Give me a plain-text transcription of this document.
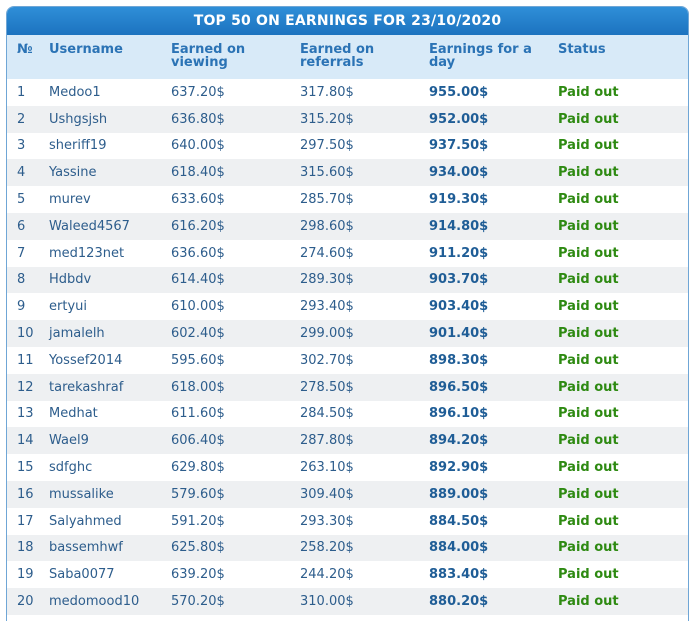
TOP 50 ON EARNINGS FOR 23/10/2020
№	Username	Earned on viewing	Earned on referrals	Earnings for a day	Status
1	Medoo1	637.20$	317.80$	955.00$	Paid out
2	Ushgsjsh	636.80$	315.20$	952.00$	Paid out
3	sheriff19	640.00$	297.50$	937.50$	Paid out
4	Yassine	618.40$	315.60$	934.00$	Paid out
5	murev	633.60$	285.70$	919.30$	Paid out
6	Waleed4567	616.20$	298.60$	914.80$	Paid out
7	med123net	636.60$	274.60$	911.20$	Paid out
8	Hdbdv	614.40$	289.30$	903.70$	Paid out
9	ertyui	610.00$	293.40$	903.40$	Paid out
10	jamalelh	602.40$	299.00$	901.40$	Paid out
11	Yossef2014	595.60$	302.70$	898.30$	Paid out
12	tarekashraf	618.00$	278.50$	896.50$	Paid out
13	Medhat	611.60$	284.50$	896.10$	Paid out
14	Wael9	606.40$	287.80$	894.20$	Paid out
15	sdfghc	629.80$	263.10$	892.90$	Paid out
16	mussalike	579.60$	309.40$	889.00$	Paid out
17	Salyahmed	591.20$	293.30$	884.50$	Paid out
18	bassemhwf	625.80$	258.20$	884.00$	Paid out
19	Saba0077	639.20$	244.20$	883.40$	Paid out
20	medomood10	570.20$	310.00$	880.20$	Paid out
